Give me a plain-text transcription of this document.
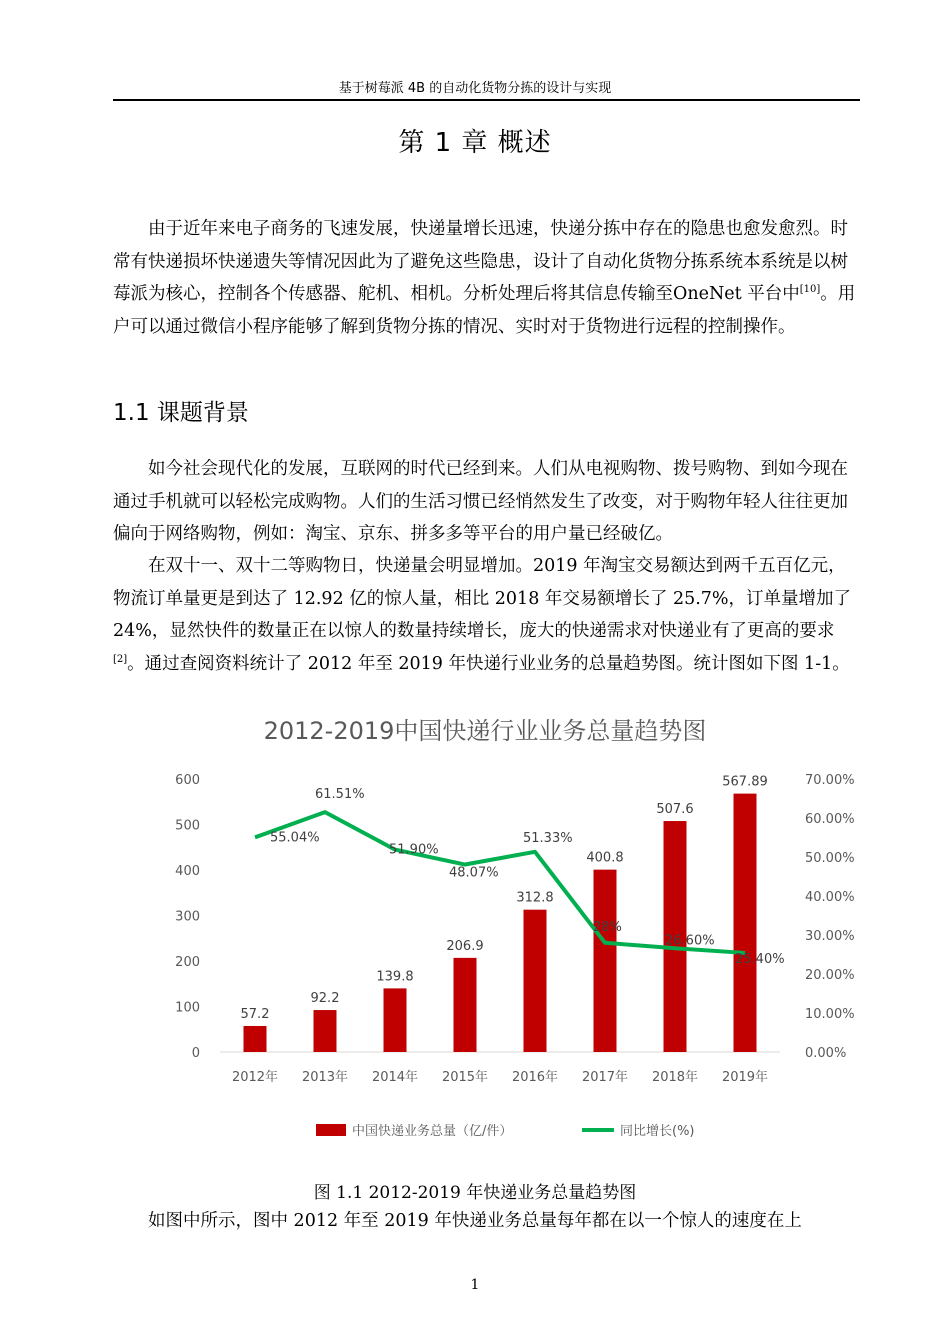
基于树莓派 4B 的自动化货物分拣的设计与实现
第 1 章 概述

由于近年来电子商务的飞速发展，快递量增长迅速，快递分拣中存在的隐患也愈发愈烈。时常有快递损坏快递遗失等情况因此为了避免这些隐患，设计了自动化货物分拣系统本系统是以树莓派为核心，控制各个传感器、舵机、相机。分析处理后将其信息传输至OneNet 平台中[10]。用户可以通过微信小程序能够了解到货物分拣的情况、实时对于货物进行远程的控制操作。

1.1 课题背景

如今社会现代化的发展，互联网的时代已经到来。人们从电视购物、拨号购物、到如今现在通过手机就可以轻松完成购物。人们的生活习惯已经悄然发生了改变，对于购物年轻人往往更加偏向于网络购物，例如：淘宝、京东、拼多多等平台的用户量已经破亿。

在双十一、双十二等购物日，快递量会明显增加。2019 年淘宝交易额达到两千五百亿元，物流订单量更是到达了 12.92 亿的惊人量，相比 2018 年交易额增长了 25.7%，订单量增加了 24%，显然快件的数量正在以惊人的数量持续增长，庞大的快递需求对快递业有了更高的要求[2]。通过查阅资料统计了 2012 年至 2019 年快递行业业务的总量趋势图。统计图如下图 1-1。

2012-2019中国快递行业业务总量趋势图
0
100
200
300
400
500
600
0.00%
10.00%
20.00%
30.00%
40.00%
50.00%
60.00%
70.00%
57.2
92.2
139.8
206.9
312.8
400.8
507.6
567.89
55.04%
61.51%
51.90%
48.07%
51.33%
28%
26.60%
25.40%
2012年 2013年 2014年 2015年 2016年 2017年 2018年 2019年
中国快递业务总量（亿/件）	同比增长(%)
图 1.1 2012-2019 年快递业务总量趋势图

如图中所示，图中 2012 年至 2019 年快递业务总量每年都在以一个惊人的速度在上

1
